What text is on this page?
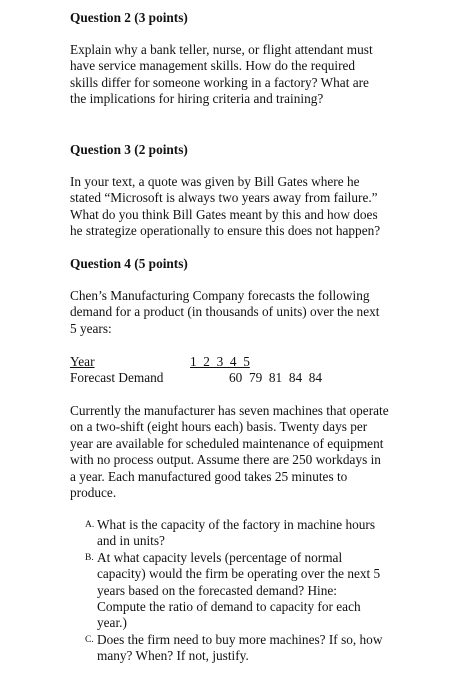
Question 2 (3 points)
Explain why a bank teller, nurse, or flight attendant must
have service management skills. How do the required
skills differ for someone working in a factory? What are
the implications for hiring criteria and training?
Question 3 (2 points)
In your text, a quote was given by Bill Gates where he
stated “Microsoft is always two years away from failure.”
What do you think Bill Gates meant by this and how does
he strategize operationally to ensure this does not happen?
Question 4 (5 points)
Chen’s Manufacturing Company forecasts the following
demand for a product (in thousands of units) over the next
5 years:
Year	1  2  3  4  5
Forecast Demand	60  79  81  84  84
Currently the manufacturer has seven machines that operate
on a two-shift (eight hours each) basis. Twenty days per
year are available for scheduled maintenance of equipment
with no process output. Assume there are 250 workdays in
a year. Each manufactured good takes 25 minutes to
produce.
A. What is the capacity of the factory in machine hours
and in units?
B. At what capacity levels (percentage of normal
capacity) would the firm be operating over the next 5
years based on the forecasted demand? Hine:
Compute the ratio of demand to capacity for each
year.)
C. Does the firm need to buy more machines? If so, how
many? When? If not, justify.
